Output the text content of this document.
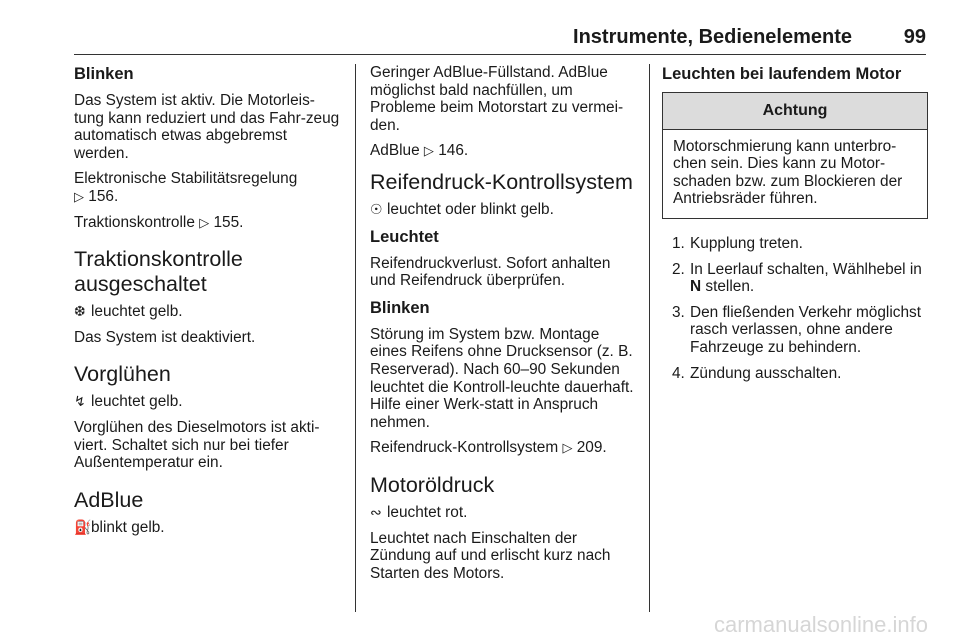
Instrumente, Bedienelemente	99
Blinken

Das System ist aktiv. Die Motorleis-tung kann reduziert und das Fahr-zeug automatisch etwas abgebremst werden.

Elektronische Stabilitätsregelung
▷ 156.

Traktionskontrolle ▷ 155.

Traktionskontrolle ausgeschaltet

❆ leuchtet gelb.

Das System ist deaktiviert.

Vorglühen

↯ leuchtet gelb.

Vorglühen des Dieselmotors ist akti-viert. Schaltet sich nur bei tiefer Außentemperatur ein.

AdBlue

⛽blinkt gelb.

Geringer AdBlue-Füllstand. AdBlue möglichst bald nachfüllen, um Probleme beim Motorstart zu vermei-den.

AdBlue ▷ 146.

Reifendruck-Kontrollsystem

☉ leuchtet oder blinkt gelb.

Leuchtet

Reifendruckverlust. Sofort anhalten und Reifendruck überprüfen.

Blinken

Störung im System bzw. Montage eines Reifens ohne Drucksensor (z. B. Reserverad). Nach 60–90 Sekunden leuchtet die Kontroll-leuchte dauerhaft. Hilfe einer Werk-statt in Anspruch nehmen.

Reifendruck-Kontrollsystem ▷ 209.

Motoröldruck

∾ leuchtet rot.

Leuchtet nach Einschalten der Zündung auf und erlischt kurz nach Starten des Motors.

Leuchten bei laufendem Motor
Achtung
Motorschmierung kann unterbro-chen sein. Dies kann zu Motor-schaden bzw. zum Blockieren der Antriebsräder führen.
1. Kupplung treten.
2. In Leerlauf schalten, Wählhebel in N stellen.
3. Den fließenden Verkehr möglichst rasch verlassen, ohne andere Fahrzeuge zu behindern.
4. Zündung ausschalten.
carmanualsonline.info
